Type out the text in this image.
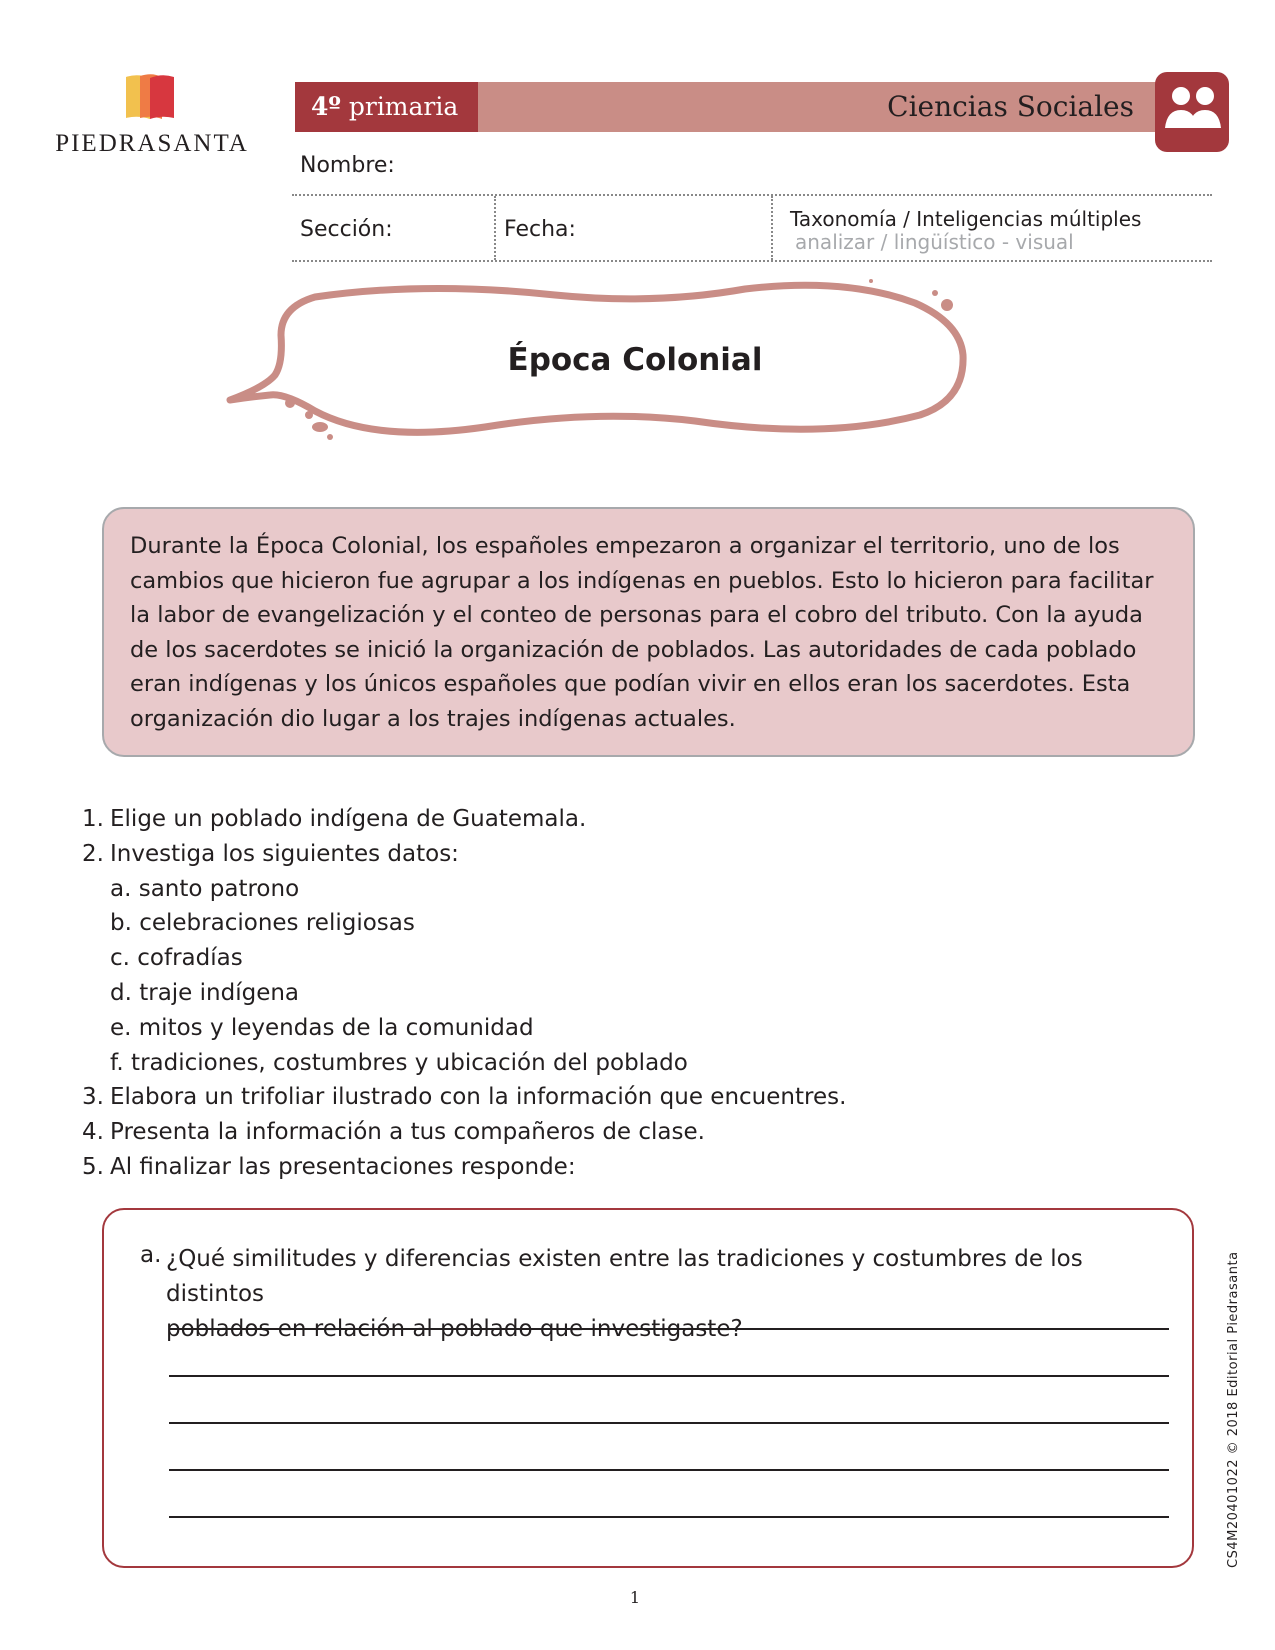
PIEDRASANTA
4º primaria	Ciencias Sociales
Nombre:
Sección:	Fecha:	Taxonomía / Inteligencias múltiples
analizar / lingüístico - visual
Época Colonial
Durante la Época Colonial, los españoles empezaron a organizar el territorio, uno de los
cambios que hicieron fue agrupar a los indígenas en pueblos. Esto lo hicieron para facilitar
la labor de evangelización y el conteo de personas para el cobro del tributo. Con la ayuda
de los sacerdotes se inició la organización de poblados. Las autoridades de cada poblado
eran indígenas y los únicos españoles que podían vivir en ellos eran los sacerdotes. Esta
organización dio lugar a los trajes indígenas actuales.
1. Elige un poblado indígena de Guatemala.
2. Investiga los siguientes datos:
a. santo patrono
b. celebraciones religiosas
c. cofradías
d. traje indígena
e. mitos y leyendas de la comunidad
f. tradiciones, costumbres y ubicación del poblado
3. Elabora un trifoliar ilustrado con la información que encuentres.
4. Presenta la información a tus compañeros de clase.
5. Al finalizar las presentaciones responde:
a. ¿Qué similitudes y diferencias existen entre las tradiciones y costumbres de los distintos
poblados en relación al poblado que investigaste?
1
CS4M20401022 © 2018 Editorial Piedrasanta
